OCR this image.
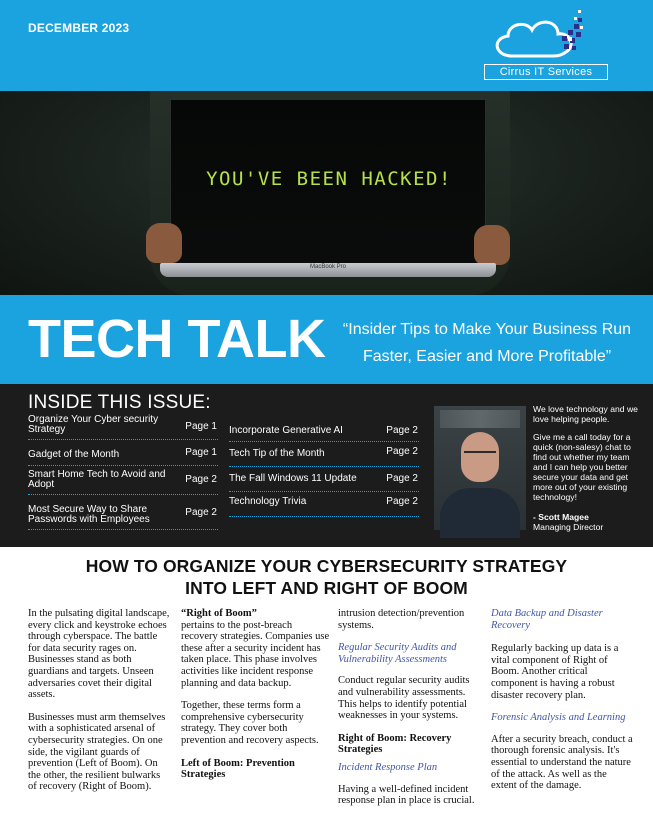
DECEMBER 2023
Cirrus IT Services
YOU'VE BEEN HACKED!
MacBook Pro
TECH TALK	“Insider Tips to Make Your Business Run
Faster, Easier and More Profitable”
INSIDE THIS ISSUE:
Organize Your Cyber security Strategy	Page 1
Gadget of the Month	Page 1
Smart Home Tech to Avoid and Adopt	Page 2
Most Secure Way to Share Passwords with Employees
Page 2
Incorporate Generative AI	Page 2
Tech Tip of the Month	Page 2
The Fall Windows 11 Update	Page 2
Technology Trivia	Page 2

We love technology and we love helping people.

Give me a call today for a quick (non-salesy) chat to find out whether my team and I can help you better secure your data and get more out of your existing technology!

- Scott Magee
Managing Director
HOW TO ORGANIZE YOUR CYBERSECURITY STRATEGY
INTO LEFT AND RIGHT OF BOOM

In the pulsating digital landscape, every click and keystroke echoes through cyberspace. The battle for data security rages on. Businesses stand as both guardians and targets. Unseen adversaries covet their digital assets.

Businesses must arm themselves with a sophisticated arsenal of cybersecurity strategies. On one side, the vigilant guards of prevention (Left of Boom). On the other, the resilient bulwarks of recovery (Right of Boom).

“Right of Boom”

pertains to the post-breach recovery strategies. Companies use these after a security incident has taken place. This phase involves activities like incident response planning and data backup.

Together, these terms form a comprehensive cybersecurity strategy. They cover both prevention and recovery aspects.

Left of Boom: Prevention Strategies

intrusion detection/prevention systems.

Regular Security Audits and Vulnerability Assessments

Conduct regular security audits and vulnerability assessments. This helps to identify potential weaknesses in your systems.

Right of Boom: Recovery Strategies

Incident Response Plan

Having a well-defined incident response plan in place is crucial.

Data Backup and Disaster Recovery

Regularly backing up data is a vital component of Right of Boom. Another critical component is having a robust disaster recovery plan.

Forensic Analysis and Learning

After a security breach, conduct a thorough forensic analysis. It's essential to understand the nature of the attack. As well as the extent of the damage.
